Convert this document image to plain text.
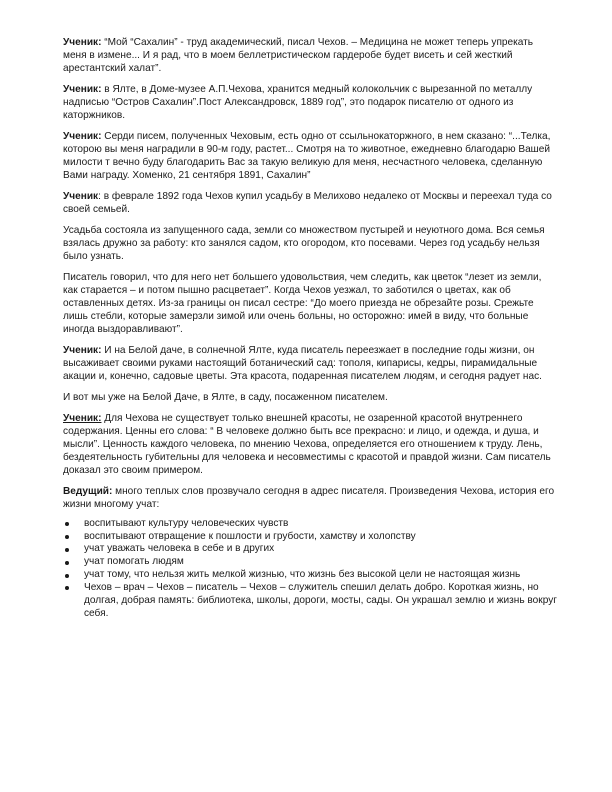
Ученик: “Мой “Сахалин” - труд академический, писал Чехов. – Медицина не может теперь упрекать меня в измене... И я рад, что в моем беллетристическом гардеробе будет висеть и сей жесткий арестантский халат”.

Ученик: в Ялте, в Доме-музее А.П.Чехова, хранится медный колокольчик с вырезанной по металлу надписью “Остров Сахалин”.Пост Александровск, 1889 год”, это подарок писателю от одного из каторжников.

Ученик: Серди писем, полученных Чеховым, есть одно от ссыльнокаторжного, в нем сказано: “...Телка, которою вы меня наградили в 90-м году, растет... Смотря на то животное, ежедневно благодарю Вашей милости т вечно буду благодарить Вас за такую великую для меня, несчастного человека, сделанную Вами награду. Хоменко, 21 сентября 1891, Сахалин”

Ученик: в феврале 1892 года Чехов купил усадьбу в Мелихово недалеко от Москвы и переехал туда со своей семьей.

Усадьба состояла из запущенного сада, земли со множеством пустырей и неуютного дома. Вся семья взялась дружно за работу: кто занялся садом, кто огородом, кто посевами. Через год усадьбу нельзя было узнать.

Писатель говорил, что для него нет большего удовольствия, чем следить, как цветок “лезет из земли, как старается – и потом пышно расцветает”. Когда Чехов уезжал, то заботился о цветах, как об оставленных детях. Из-за границы он писал сестре: “До моего приезда не обрезайте розы. Срежьте лишь стебли, которые замерзли зимой или очень больны, но осторожно: имей в виду, что больные иногда выздоравливают”.

Ученик: И на Белой даче, в солнечной Ялте, куда писатель переезжает в последние годы жизни, он высаживает своими руками настоящий ботанический сад: тополя, кипарисы, кедры, пирамидальные акации и, конечно, садовые цветы. Эта красота, подаренная писателем людям, и сегодня радует нас.

И вот мы уже на Белой Даче, в Ялте, в саду, посаженном писателем.

Ученик: Для Чехова не существует только внешней красоты, не озаренной красотой внутреннего содержания. Ценны его слова: “ В человеке должно быть все прекрасно: и лицо, и одежда, и душа, и мысли”. Ценность каждого человека, по мнению Чехова, определяется его отношением к труду. Лень, бездеятельность губительны для человека и несовместимы с красотой и правдой жизни. Сам писатель доказал это своим примером.

Ведущий: много теплых слов прозвучало сегодня в адрес писателя. Произведения Чехова, история его жизни многому учат:

воспитывают культуру человеческих чувств
воспитывают отвращение к пошлости и грубости, хамству и холопству
учат уважать человека в себе и в других
учат помогать людям
учат тому, что нельзя жить мелкой жизнью, что жизнь без высокой цели не настоящая жизнь
Чехов – врач – Чехов – писатель – Чехов – служитель спешил делать добро. Короткая жизнь, но долгая, добрая память: библиотека, школы, дороги, мосты, сады. Он украшал землю и жизнь вокруг себя.
